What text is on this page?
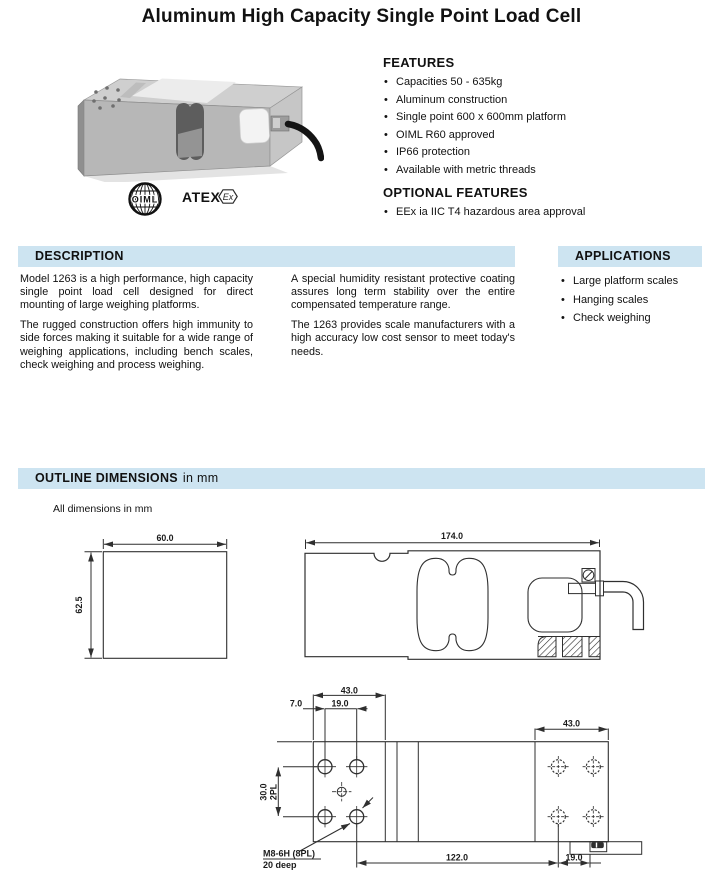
Aluminum High Capacity Single Point Load Cell
OIML ATEX Ex
FEATURES
• Capacities 50 - 635kg
• Aluminum construction
• Single point 600 x 600mm platform
• OIML R60 approved
• IP66 protection
• Available with metric threads
OPTIONAL FEATURES
• EEx ia IIC T4 hazardous area approval
DESCRIPTION	APPLICATIONS

Model 1263 is a high performance, high capacity single point load cell designed for direct mounting of large weighing platforms.

The rugged construction offers high immunity to side forces making it suitable for a wide range of weighing applications, including bench scales, check weighing and process weighing.

A special humidity resistant protective coating assures long term stability over the entire compensated temperature range.

The 1263 provides scale manufacturers with a high accuracy low cost sensor to meet today's needs.

• Large platform scales
• Hanging scales
• Check weighing
OUTLINE DIMENSIONS in mm
All dimensions in mm
60.0
62.5
174.0
43.0
7.0	19.0
30.0 2PL
43.0
122.0	19.0
M8-6H (8PL)
20 deep
